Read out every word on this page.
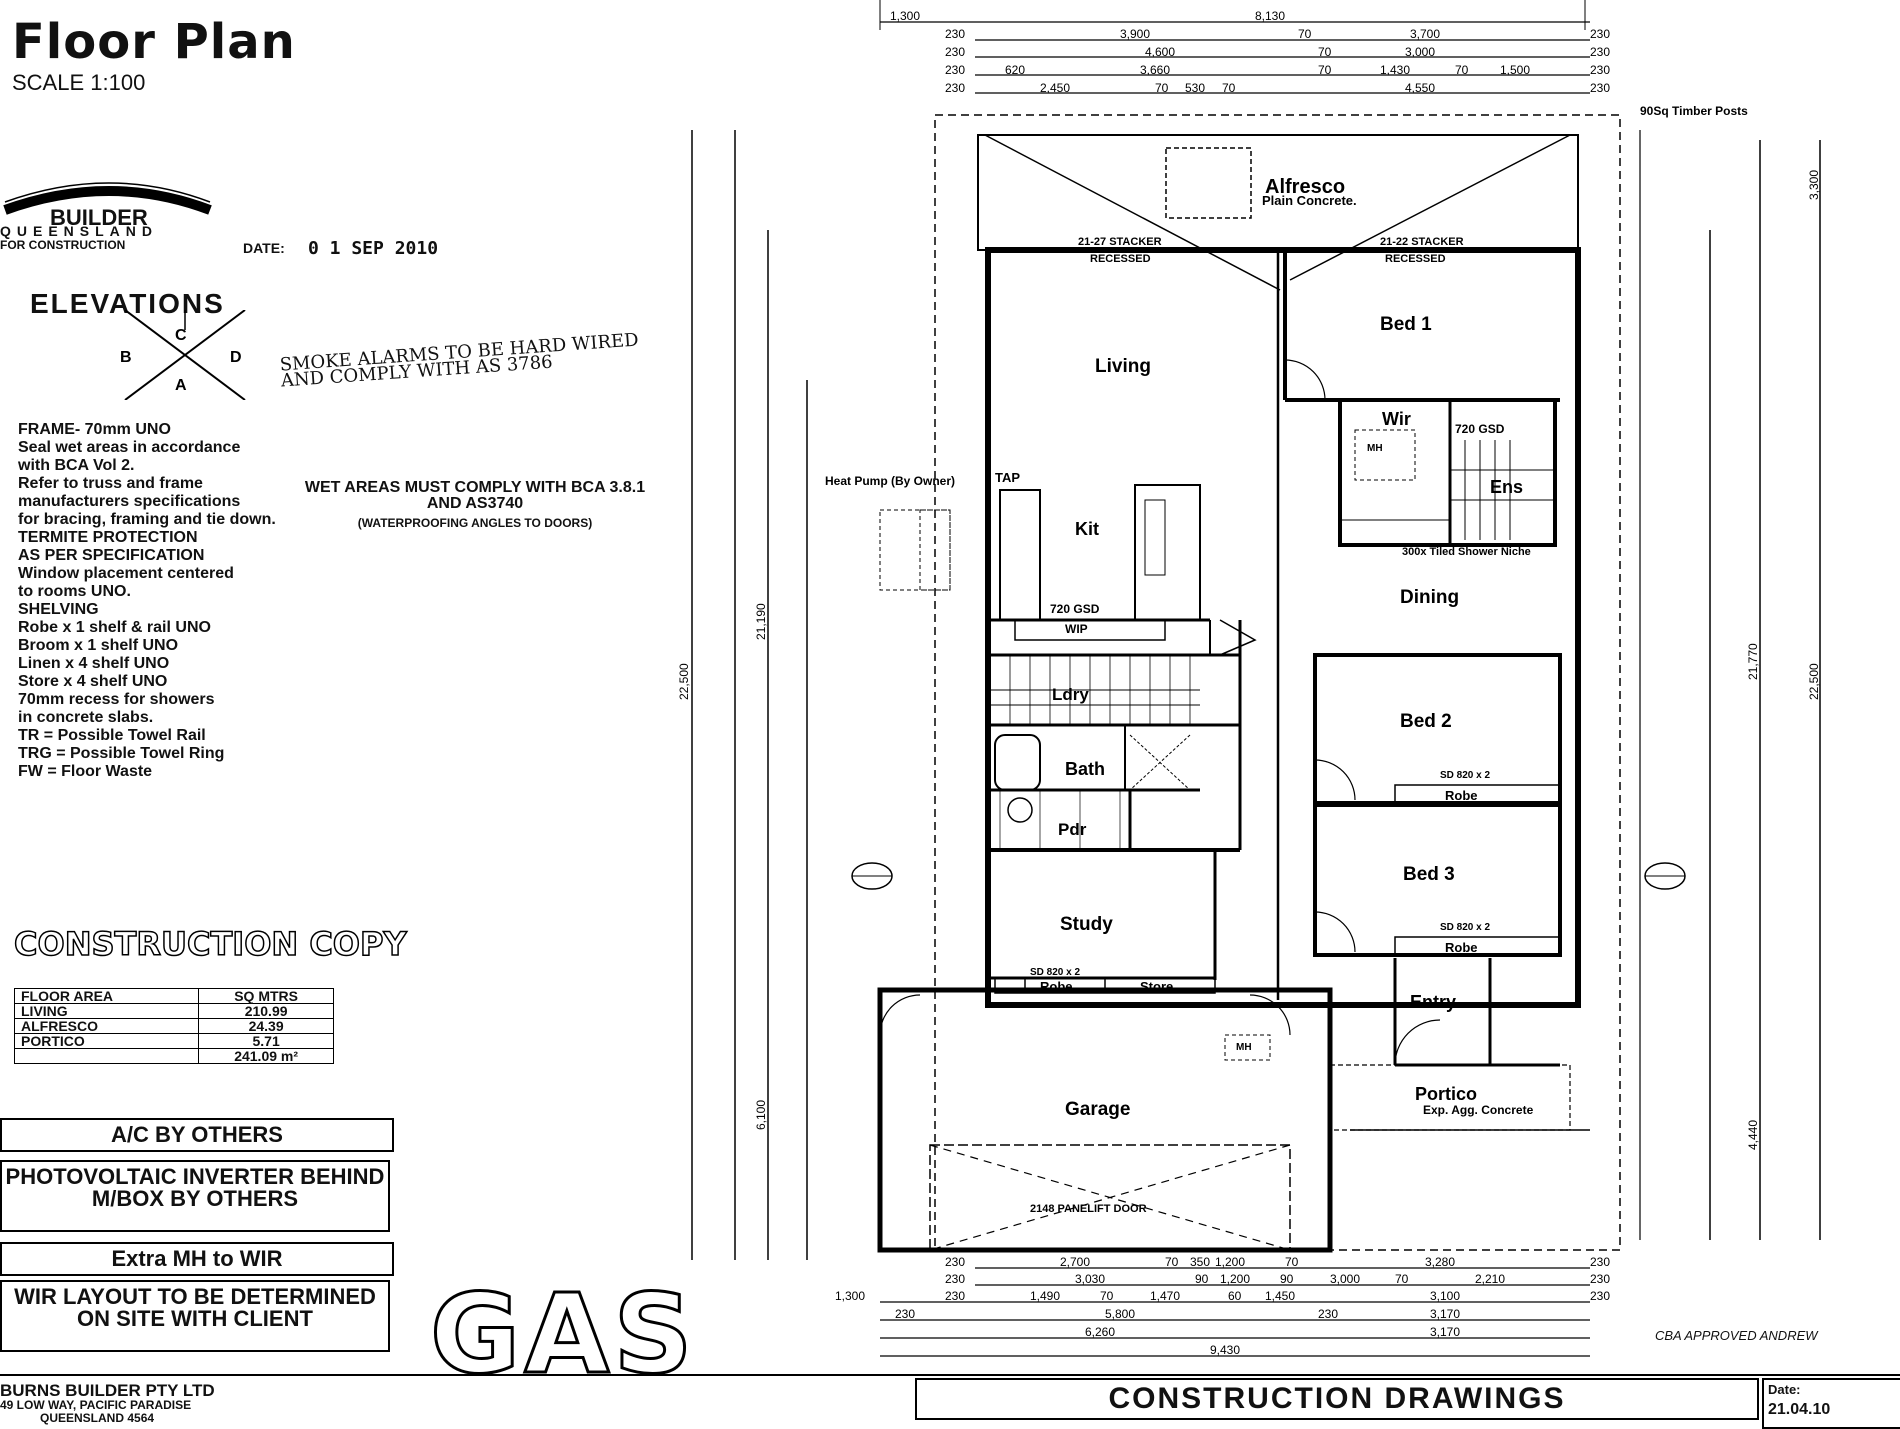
Floor Plan
SCALE 1:100
BUILDER
QUEENSLAND
FOR CONSTRUCTION	DATE: 0 1 SEP 2010
ELEVATIONS
C
B	D
A
SMOKE ALARMS TO BE HARD WIRED AND COMPLY WITH AS 3786
WET AREAS MUST COMPLY WITH BCA 3.8.1 AND AS3740
(WATERPROOFING ANGLES TO DOORS)
FRAME- 70mm UNO
Seal wet areas in accordance
with BCA Vol 2.
Refer to truss and frame
manufacturers specifications
for bracing, framing and tie down.
TERMITE PROTECTION
AS PER SPECIFICATION
Window placement centered
to rooms UNO.
SHELVING
Robe x 1 shelf & rail UNO
Broom x 1 shelf UNO
Linen x 4 shelf UNO
Store x 4 shelf UNO
70mm recess for showers
in concrete slabs.
TR = Possible Towel Rail
TRG = Possible Towel Ring
FW = Floor Waste
CONSTRUCTION COPY
FLOOR AREA	SQ MTRS
LIVING	210.99
ALFRESCO	24.39
PORTICO	5.71
	241.09 m²
A/C BY OTHERS
PHOTOVOLTAIC INVERTER BEHIND M/BOX BY OTHERS
Extra MH to WIR
WIR LAYOUT TO BE DETERMINED ON SITE WITH CLIENT	GAS
Alfresco
Plain Concrete.
Bed 1
Living
Wir
Ens
Kit
Dining
Ldry
Bath
Pdr
Bed 2
Bed 3
Study
Entry
Garage
Portico
Exp. Agg. Concrete
Robe
Robe
Robe	Store
WIP
21-27 STACKER
RECESSED
21-22 STACKER
RECESSED
90Sq Timber Posts
Heat Pump (By Owner)	TAP
300x Tiled Shower Niche
2148 PANELIFT DOOR
SD 820 x 2
SD 820 x 2
SD 820 x 2
720 GSD
720 GSD
MH
MH
1,300	8,130
230	3,900	70	3,700	230
230	4,600	70	3,000	230
230	620	3,660	70	1,430	70	1,500	230
230	2,450	70 530 70	4,550	230
230	2,700	70 350 1,200	70	3,280	230
230	3,030	90 1,200 90	3,000	70	2,210	230
1,300	230	1,490	70	1,470	60 1,450	3,100	230
230	5,800	230	3,170
6,260	3,170
9,430
22,500
21,190
6,100
22,500
21,770
3,300
4,440
CBA APPROVED ANDREW
BURNS BUILDER PTY LTD
49 LOW WAY, PACIFIC PARADISE
QUEENSLAND 4564
CONSTRUCTION DRAWINGS	Date:
21.04.10
